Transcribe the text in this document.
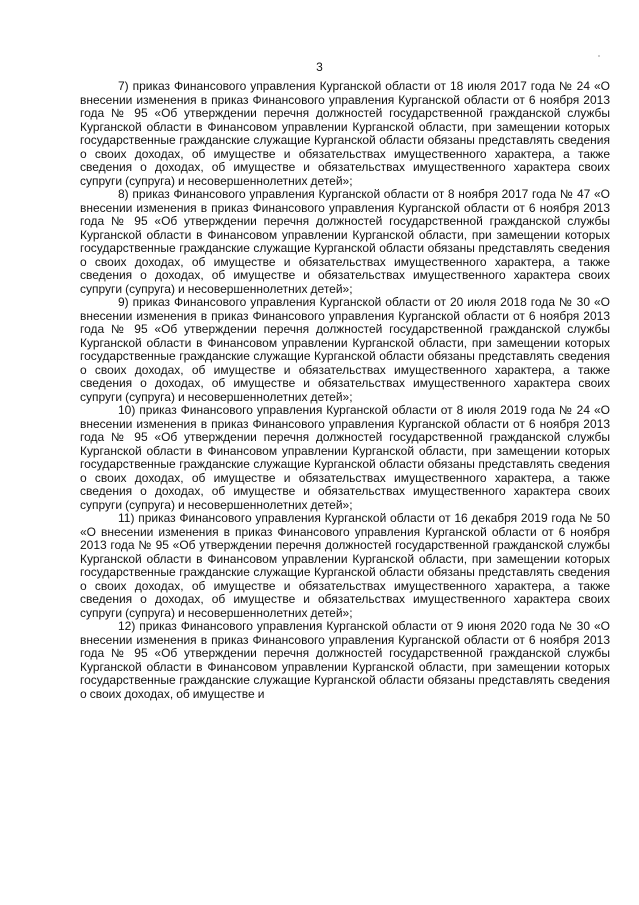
3

7) приказ Финансового управления Курганской области от 18 июля 2017 года № 24 «О внесении изменения в приказ Финансового управления Курганской области от 6 ноября 2013 года № 95 «Об утверждении перечня должностей государственной гражданской службы Курганской области в Финансовом управлении Курганской области, при замещении которых государственные гражданские служащие Курганской области обязаны представлять сведения о своих доходах, об имуществе и обязательствах имущественного характера, а также сведения о доходах, об имуществе и обязательствах имущественного характера своих супруги (супруга) и несовершеннолетних детей»;

8) приказ Финансового управления Курганской области от 8 ноября 2017 года № 47 «О внесении изменения в приказ Финансового управления Курганской области от 6 ноября 2013 года № 95 «Об утверждении перечня должностей государственной гражданской службы Курганской области в Финансовом управлении Курганской области, при замещении которых государственные гражданские служащие Курганской области обязаны представлять сведения о своих доходах, об имуществе и обязательствах имущественного характера, а также сведения о доходах, об имуществе и обязательствах имущественного характера своих супруги (супруга) и несовершеннолетних детей»;

9) приказ Финансового управления Курганской области от 20 июля 2018 года № 30 «О внесении изменения в приказ Финансового управления Курганской области от 6 ноября 2013 года № 95 «Об утверждении перечня должностей государственной гражданской службы Курганской области в Финансовом управлении Курганской области, при замещении которых государственные гражданские служащие Курганской области обязаны представлять сведения о своих доходах, об имуществе и обязательствах имущественного характера, а также сведения о доходах, об имуществе и обязательствах имущественного характера своих супруги (супруга) и несовершеннолетних детей»;

10) приказ Финансового управления Курганской области от 8 июля 2019 года № 24 «О внесении изменения в приказ Финансового управления Курганской области от 6 ноября 2013 года № 95 «Об утверждении перечня должностей государственной гражданской службы Курганской области в Финансовом управлении Курганской области, при замещении которых государственные гражданские служащие Курганской области обязаны представлять сведения о своих доходах, об имуществе и обязательствах имущественного характера, а также сведения о доходах, об имуществе и обязательствах имущественного характера своих супруги (супруга) и несовершеннолетних детей»;

11) приказ Финансового управления Курганской области от 16 декабря 2019 года № 50 «О внесении изменения в приказ Финансового управления Курганской области от 6 ноября 2013 года № 95 «Об утверждении перечня должностей государственной гражданской службы Курганской области в Финансовом управлении Курганской области, при замещении которых государственные гражданские служащие Курганской области обязаны представлять сведения о своих доходах, об имуществе и обязательствах имущественного характера, а также сведения о доходах, об имуществе и обязательствах имущественного характера своих супруги (супруга) и несовершеннолетних детей»;

12) приказ Финансового управления Курганской области от 9 июня 2020 года № 30 «О внесении изменения в приказ Финансового управления Курганской области от 6 ноября 2013 года № 95 «Об утверждении перечня должностей государственной гражданской службы Курганской области в Финансовом управлении Курганской области, при замещении которых государственные гражданские служащие Курганской области обязаны представлять сведения о своих доходах, об имуществе и
